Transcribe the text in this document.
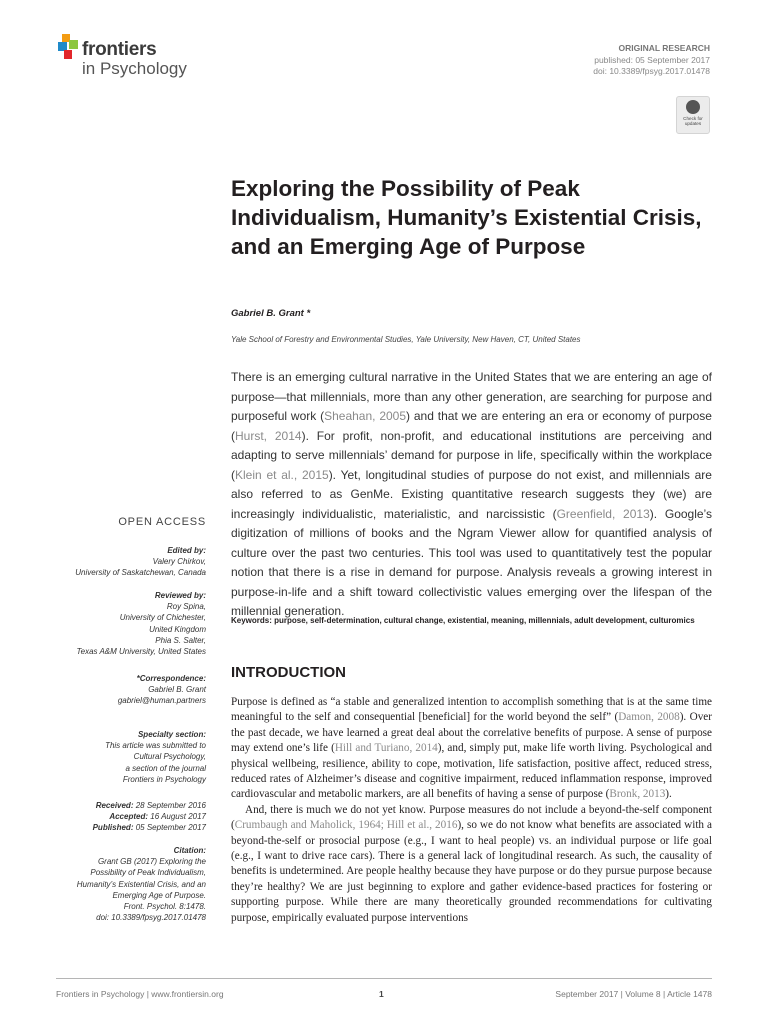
frontiers
in Psychology
ORIGINAL RESEARCH
published: 05 September 2017
doi: 10.3389/fpsyg.2017.01478
Check for
updates
Exploring the Possibility of Peak Individualism, Humanity’s Existential Crisis, and an Emerging Age of Purpose
Gabriel B. Grant *
Yale School of Forestry and Environmental Studies, Yale University, New Haven, CT, United States
There is an emerging cultural narrative in the United States that we are entering an age of purpose—that millennials, more than any other generation, are searching for purpose and purposeful work (Sheahan, 2005) and that we are entering an era or economy of purpose (Hurst, 2014). For profit, non-profit, and educational institutions are perceiving and adapting to serve millennials’ demand for purpose in life, specifically within the workplace (Klein et al., 2015). Yet, longitudinal studies of purpose do not exist, and millennials are also referred to as GenMe. Existing quantitative research suggests they (we) are increasingly individualistic, materialistic, and narcissistic (Greenfield, 2013). Google’s digitization of millions of books and the Ngram Viewer allow for quantified analysis of culture over the past two centuries. This tool was used to quantitatively test the popular notion that there is a rise in demand for purpose. Analysis reveals a growing interest in purpose-in-life and a shift toward collectivistic values emerging over the lifespan of the millennial generation.
Keywords: purpose, self-determination, cultural change, existential, meaning, millennials, adult development, culturomics
INTRODUCTION

Purpose is defined as “a stable and generalized intention to accomplish something that is at the same time meaningful to the self and consequential [beneficial] for the world beyond the self” (Damon, 2008). Over the past decade, we have learned a great deal about the correlative benefits of purpose. A sense of purpose may extend one’s life (Hill and Turiano, 2014), and, simply put, make life worth living. Psychological and physical wellbeing, resilience, ability to cope, motivation, life satisfaction, positive affect, reduced stress, reduced rates of Alzheimer’s disease and cognitive impairment, reduced inflammation response, improved cardiovascular and metabolic markers, are all benefits of having a sense of purpose (Bronk, 2013).

And, there is much we do not yet know. Purpose measures do not include a beyond-the-self component (Crumbaugh and Maholick, 1964; Hill et al., 2016), so we do not know what benefits are associated with a beyond-the-self or prosocial purpose (e.g., I want to heal people) vs. an individual purpose or life goal (e.g., I want to drive race cars). There is a general lack of longitudinal research. As such, the causality of benefits is undetermined. Are people healthy because they have purpose or do they pursue purpose because they’re healthy? We are just beginning to explore and gather evidence-based practices for fostering or supporting purpose. While there are many theoretically grounded recommendations for cultivating purpose, empirically evaluated purpose interventions

OPEN ACCESS
Edited by:
Valery Chirkov,
University of Saskatchewan, Canada
Reviewed by:
Roy Spina,
University of Chichester,
United Kingdom
Phia S. Salter,
Texas A&M University, United States
*Correspondence:
Gabriel B. Grant
gabriel@human.partners
Specialty section:
This article was submitted to
Cultural Psychology,
a section of the journal
Frontiers in Psychology
Received: 28 September 2016
Accepted: 16 August 2017
Published: 05 September 2017
Citation:
Grant GB (2017) Exploring the
Possibility of Peak Individualism,
Humanity’s Existential Crisis, and an
Emerging Age of Purpose.
Front. Psychol. 8:1478.
doi: 10.3389/fpsyg.2017.01478
Frontiers in Psychology | www.frontiersin.org	1	September 2017 | Volume 8 | Article 1478
